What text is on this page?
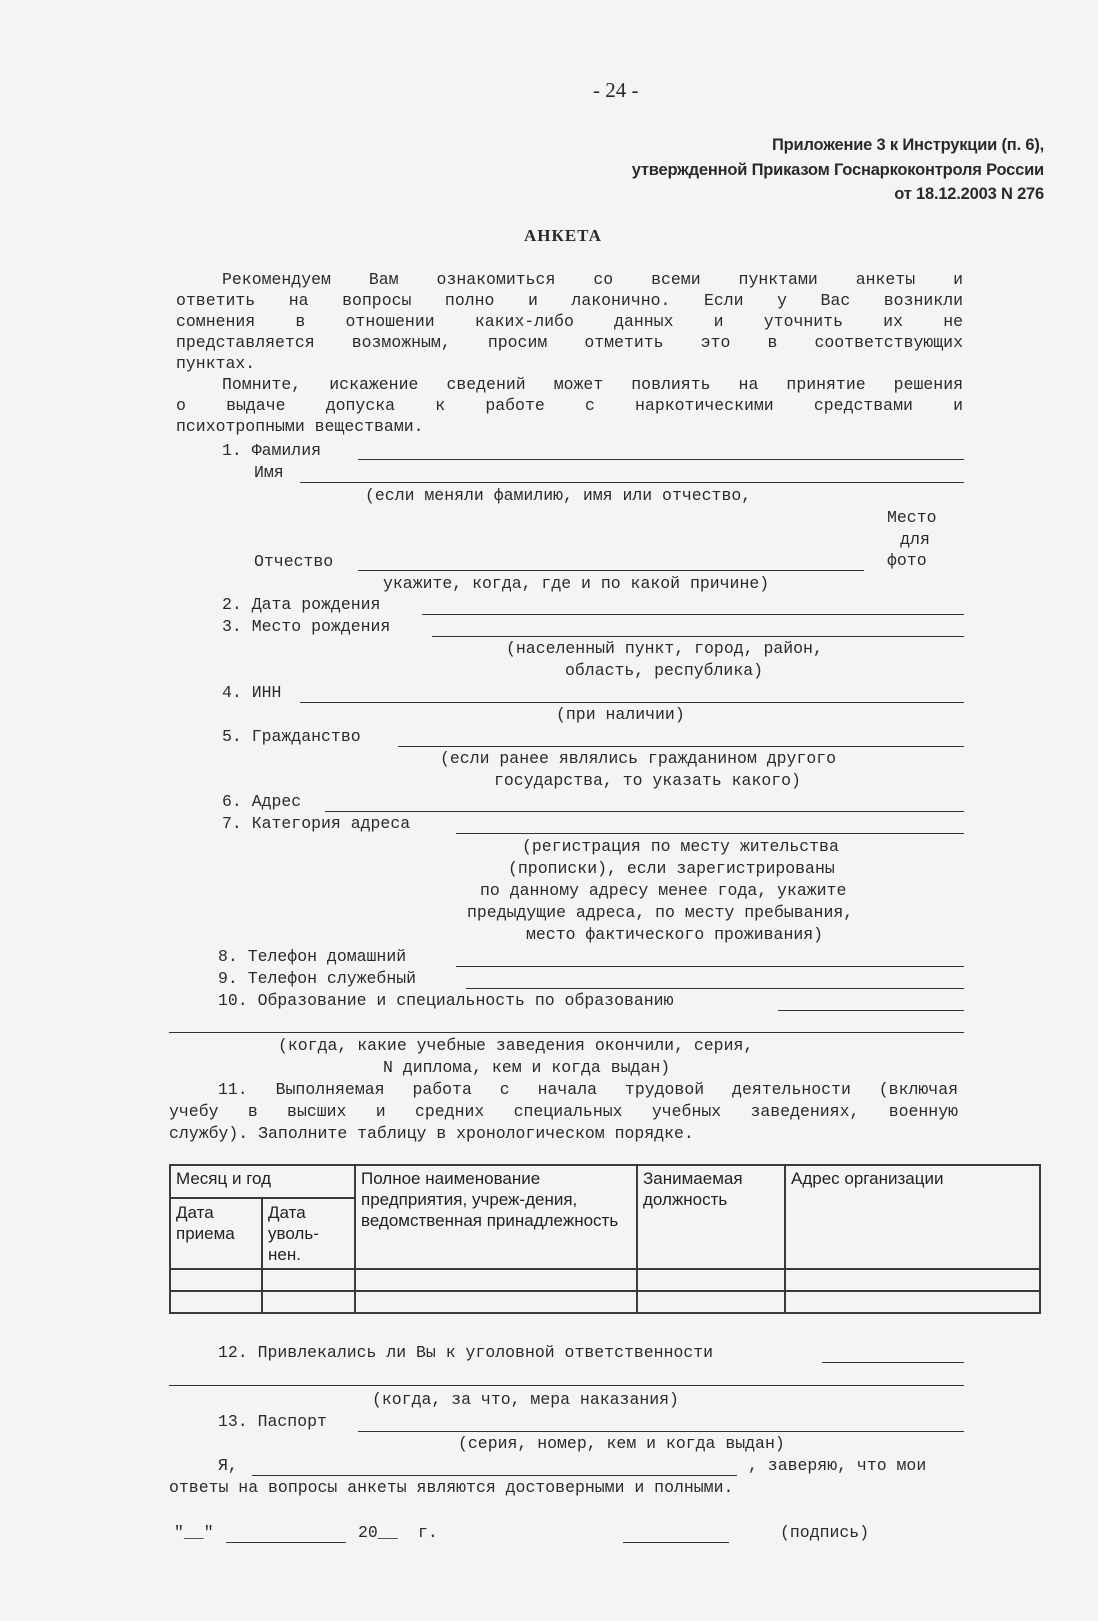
- 24 -
Приложение 3 к Инструкции (п. 6),
утвержденной Приказом Госнаркоконтроля России
от 18.12.2003 N 276
АНКЕТА
Рекомендуем Вам ознакомиться со всеми пунктами анкеты и
ответить на вопросы полно и лаконично. Если у Вас возникли
сомнения в отношении каких-либо данных и уточнить их не
представляется возможным, просим отметить это в соответствующих
пунктах.
Помните, искажение сведений может повлиять на принятие решения
о выдаче допуска к работе с наркотическими средствами и
психотропными веществами.
1. Фамилия
Имя
(если меняли фамилию, имя или отчество,
Место
для
фото
Отчество
укажите, когда, где и по какой причине)
2. Дата рождения
3. Место рождения
(населенный пункт, город, район,
область, республика)
4. ИНН
(при наличии)
5. Гражданство
(если ранее являлись гражданином другого
государства, то указать какого)
6. Адрес
7. Категория адреса
(регистрация по месту жительства
(прописки), если зарегистрированы
по данному адресу менее года, укажите
предыдущие адреса, по месту пребывания,
место фактического проживания)
8. Телефон домашний
9. Телефон служебный
10. Образование и специальность по образованию
(когда, какие учебные заведения окончили, серия,
N диплома, кем и когда выдан)
11. Выполняемая работа с начала трудовой деятельности (включая
учебу в высших и средних специальных учебных заведениях, военную
службу). Заполните таблицу в хронологическом порядке.
Месяц и год		Полное наименование предприятия, учреж-дения, ведомственная принадлежность	Занимаемая должность	Адрес организации
Дата приема	Дата уволь-нен.			

12. Привлекались ли Вы к уголовной ответственности
(когда, за что, мера наказания)
13. Паспорт
(серия, номер, кем и когда выдан)
Я,	, заверяю, что мои
ответы на вопросы анкеты являются достоверными и полными.
"__"	20__ г.	(подпись)
